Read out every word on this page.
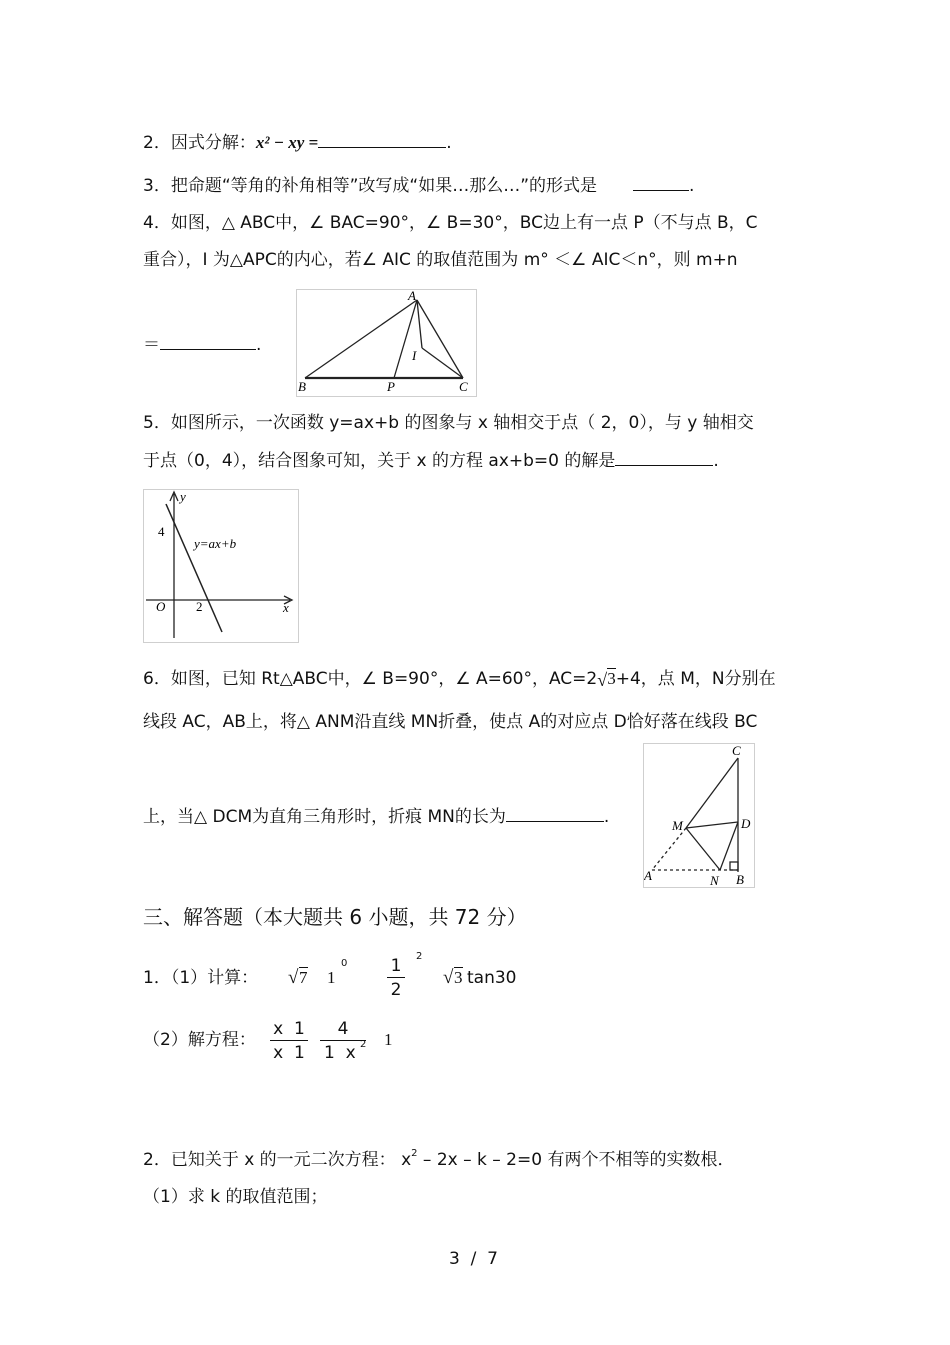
2．因式分解：x² − xy =	.
3．把命题“等角的补角相等”改写成“如果…那么…”的形式是	.
4．如图，△ ABC中，∠ BAC=90°，∠ B=30°，BC边上有一点 P（不与点 B，C
重合），I 为△APC的内心，若∠ AIC 的取值范围为 m° ＜∠ AIC＜n°，则 m+n
＝	.
A
B	P	C
I
5．如图所示，一次函数 y=ax+b 的图象与 x 轴相交于点（ 2，0），与 y 轴相交
于点（0，4），结合图象可知，关于 x 的方程 ax+b=0 的解是	.
y
x
O
4
2
y=ax+b
6．如图，已知 Rt△ABC中，∠ B=90°，∠ A=60°，AC=2 √ 3+4，点 M，N分别在
线段 AC，AB上，将△ ANM沿直线 MN折叠，使点 A的对应点 D恰好落在线段 BC
上，当△ DCM为直角三角形时，折痕 MN的长为	.
C
M	D
A	N B
三、解答题（本大题共 6 小题，共 72 分）
1．（1）计算： √ 7 1
$0 \frac{1}{2} 2$
√ 3 tan30
（2）解方程： $\frac{x 1}{x 1} \frac{4}{1 x}$
2 1
2．已知关于 x 的一元二次方程： $x^2 - 2x - k - 2=0$ 有两个不相等的实数根．
（1）求 k 的取值范围；
3  /  7
